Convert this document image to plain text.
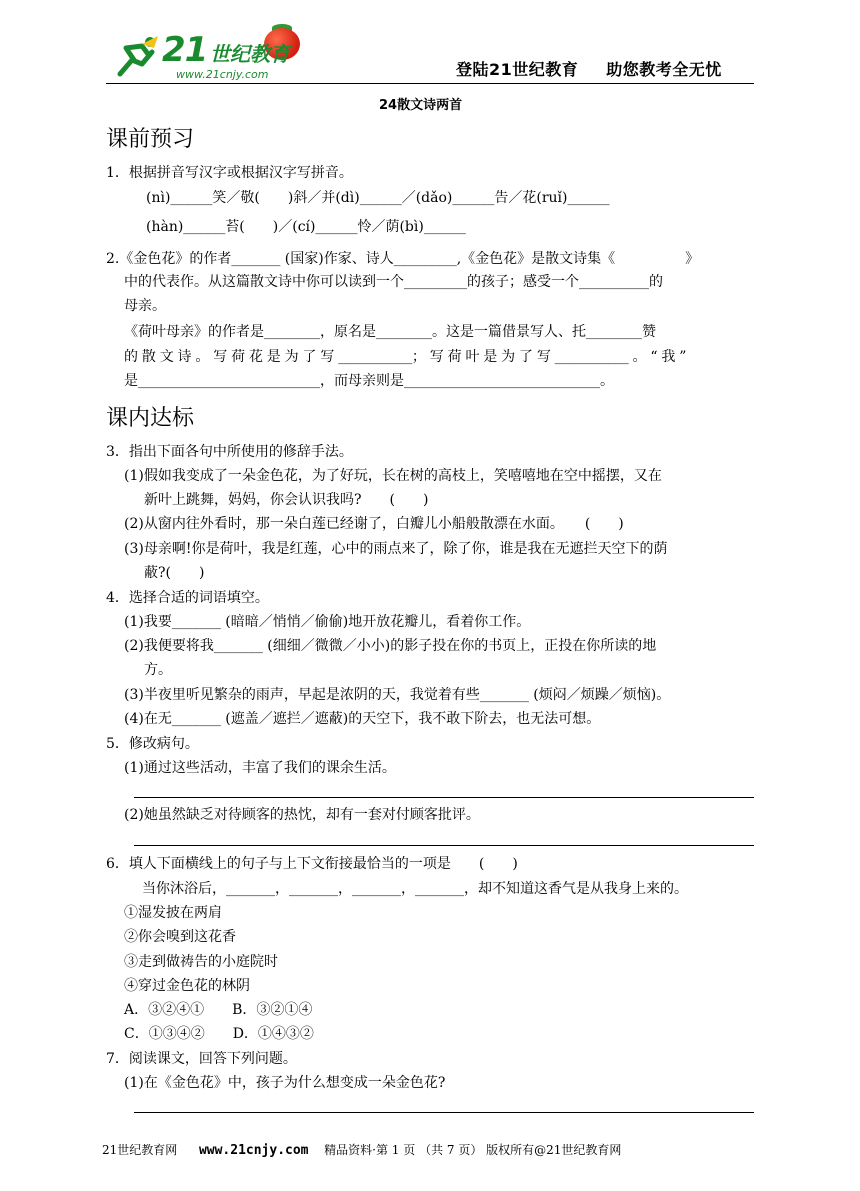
21 世纪教育
www.21cnjy.com	登陆21世纪教育 助您教考全无忧
24散文诗两首
课前预习
课内达标
1．根据拼音写汉字或根据汉字写拼音。
(nì)______笑／敬(　　)斜／并(dì)______／(dǎo)______告／花(ruǐ)______
(hàn)______苔(　　)／(cí)______怜／荫(bì)______
2.《金色花》的作者_______ (国家)作家、诗人_________,《金色花》是散文诗集《　　　　　》
中的代表作。从这篇散文诗中你可以读到一个_________的孩子；感受一个__________的
母亲。
《荷叶母亲》的作者是________，原名是________。这是一篇借景写人、托________赞
的 散 文 诗 。 写 荷 花 是 为 了 写 ___________； 写 荷 叶 是 为 了 写 ___________ 。 “ 我 ”
是__________________________，而母亲则是____________________________。
3．指出下面各句中所使用的修辞手法。
(1)假如我变成了一朵金色花，为了好玩，长在树的高枝上，笑嘻嘻地在空中摇摆，又在
新叶上跳舞，妈妈，你会认识我吗?　　(　　)
(2)从窗内往外看时，那一朵白莲已经谢了，白瓣儿小船般散漂在水面。　　(　　)
(3)母亲啊!你是荷叶，我是红莲，心中的雨点来了，除了你，谁是我在无遮拦天空下的荫
蔽?(　　)
4．选择合适的词语填空。
(1)我要_______ (暗暗／悄悄／偷偷)地开放花瓣儿，看着你工作。
(2)我便要将我_______ (细细／微微／小小)的影子投在你的书页上，正投在你所读的地
方。
(3)半夜里听见繁杂的雨声，早起是浓阴的天，我觉着有些_______ (烦闷／烦躁／烦恼)。
(4)在无_______ (遮盖／遮拦／遮蔽)的天空下，我不敢下阶去，也无法可想。
5．修改病句。
(1)通过这些活动，丰富了我们的课余生活。
(2)她虽然缺乏对待顾客的热忱，却有一套对付顾客批评。
6．填人下面横线上的句子与上下文衔接最恰当的一项是　　(　　)
当你沐浴后，_______，_______，_______，_______，却不知道这香气是从我身上来的。
①湿发披在两肩
②你会嗅到这花香
③走到做祷告的小庭院时
④穿过金色花的林阴
A．③②④①　　B．③②①④
C．①③④②　　D．①④③②
7．阅读课文，回答下列问题。
(1)在《金色花》中，孩子为什么想变成一朵金色花?
21世纪教育网 www.21cnjy.com 精品资料·第 1 页 （共 7 页） 版权所有@21世纪教育网
